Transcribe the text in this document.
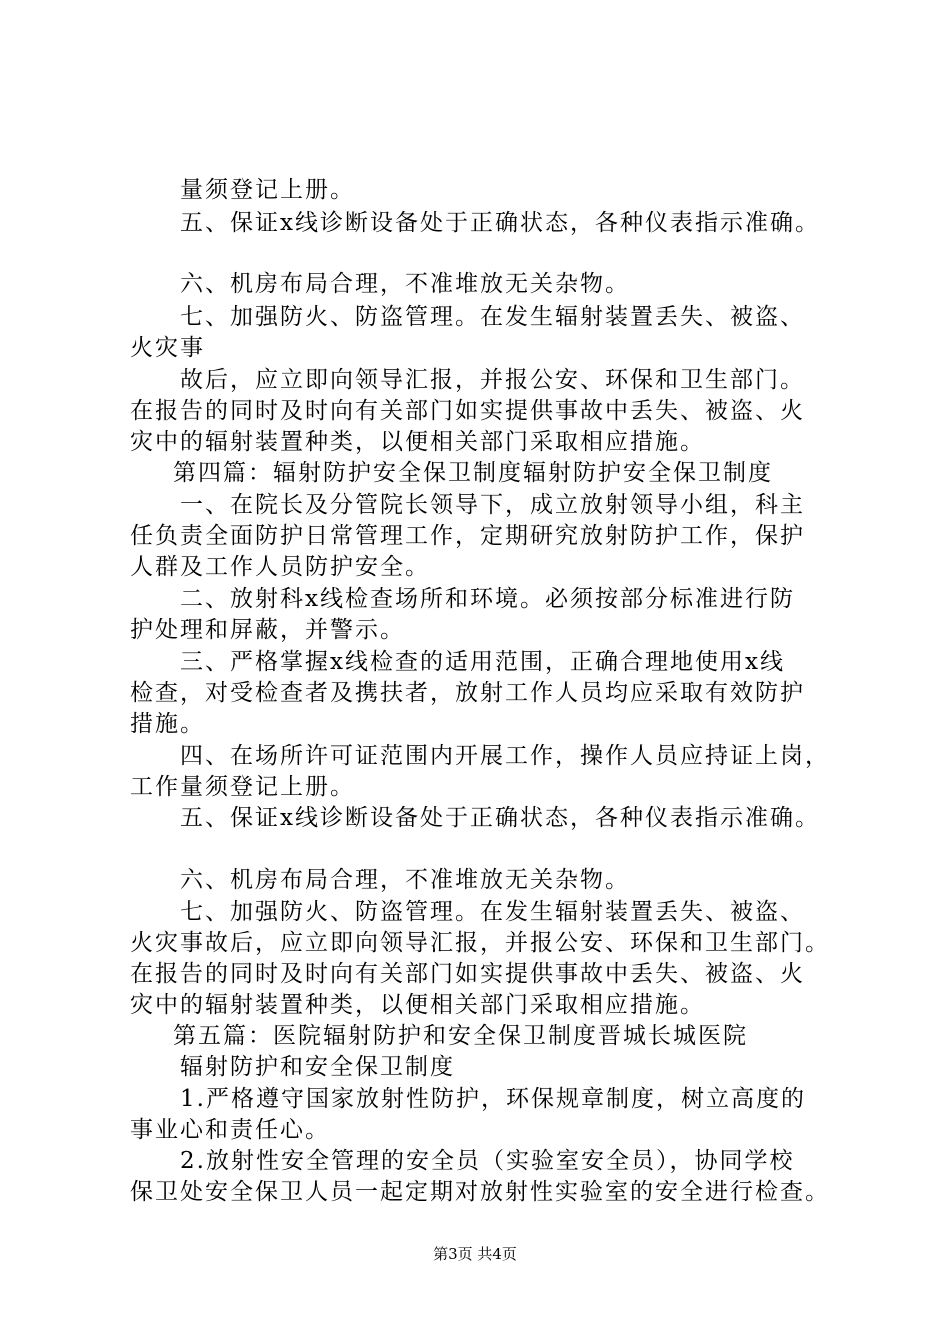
量须登记上册。
五、保证x线诊断设备处于正确状态，各种仪表指示准确。
六、机房布局合理，不准堆放无关杂物。
七、加强防火、防盗管理。在发生辐射装置丢失、被盗、
火灾事
故后，应立即向领导汇报，并报公安、环保和卫生部门。
在报告的同时及时向有关部门如实提供事故中丢失、被盗、火
灾中的辐射装置种类，以便相关部门采取相应措施。
第四篇：辐射防护安全保卫制度辐射防护安全保卫制度
一、在院长及分管院长领导下，成立放射领导小组，科主
任负责全面防护日常管理工作，定期研究放射防护工作，保护
人群及工作人员防护安全。
二、放射科x线检查场所和环境。必须按部分标准进行防
护处理和屏蔽，并警示。
三、严格掌握x线检查的适用范围，正确合理地使用x线
检查，对受检查者及携扶者，放射工作人员均应采取有效防护
措施。
四、在场所许可证范围内开展工作，操作人员应持证上岗，
工作量须登记上册。
五、保证x线诊断设备处于正确状态，各种仪表指示准确。
六、机房布局合理，不准堆放无关杂物。
七、加强防火、防盗管理。在发生辐射装置丢失、被盗、
火灾事故后，应立即向领导汇报，并报公安、环保和卫生部门。
在报告的同时及时向有关部门如实提供事故中丢失、被盗、火
灾中的辐射装置种类，以便相关部门采取相应措施。
第五篇：医院辐射防护和安全保卫制度晋城长城医院
辐射防护和安全保卫制度
1.严格遵守国家放射性防护，环保规章制度，树立高度的
事业心和责任心。
2.放射性安全管理的安全员（实验室安全员），协同学校
保卫处安全保卫人员一起定期对放射性实验室的安全进行检查。
第3页 共4页
